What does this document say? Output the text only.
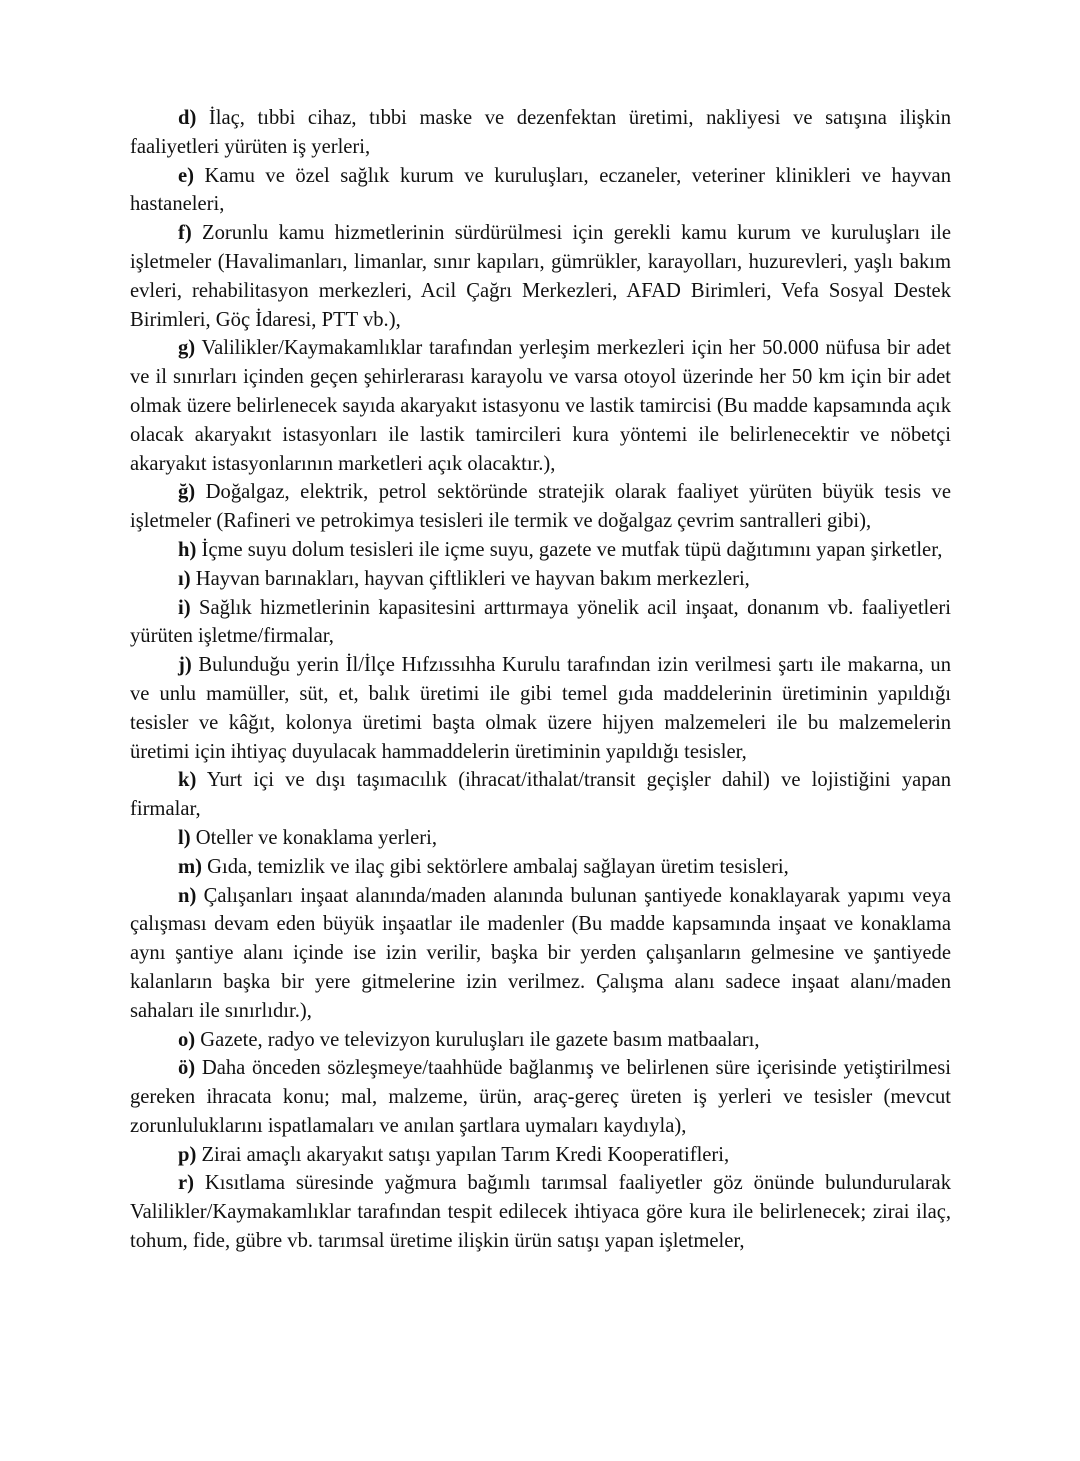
d) İlaç, tıbbi cihaz, tıbbi maske ve dezenfektan üretimi, nakliyesi ve satışına ilişkin faaliyetleri yürüten iş yerleri,

e) Kamu ve özel sağlık kurum ve kuruluşları, eczaneler, veteriner klinikleri ve hayvan hastaneleri,

f) Zorunlu kamu hizmetlerinin sürdürülmesi için gerekli kamu kurum ve kuruluşları ile işletmeler (Havalimanları, limanlar, sınır kapıları, gümrükler, karayolları, huzurevleri, yaşlı bakım evleri, rehabilitasyon merkezleri, Acil Çağrı Merkezleri, AFAD Birimleri, Vefa Sosyal Destek Birimleri, Göç İdaresi, PTT vb.),

g) Valilikler/Kaymakamlıklar tarafından yerleşim merkezleri için her 50.000 nüfusa bir adet ve il sınırları içinden geçen şehirlerarası karayolu ve varsa otoyol üzerinde her 50 km için bir adet olmak üzere belirlenecek sayıda akaryakıt istasyonu ve lastik tamircisi (Bu madde kapsamında açık olacak akaryakıt istasyonları ile lastik tamircileri kura yöntemi ile belirlenecektir ve nöbetçi akaryakıt istasyonlarının marketleri açık olacaktır.),

ğ) Doğalgaz, elektrik, petrol sektöründe stratejik olarak faaliyet yürüten büyük tesis ve işletmeler (Rafineri ve petrokimya tesisleri ile termik ve doğalgaz çevrim santralleri gibi),

h) İçme suyu dolum tesisleri ile içme suyu, gazete ve mutfak tüpü dağıtımını yapan şirketler,

ı) Hayvan barınakları, hayvan çiftlikleri ve hayvan bakım merkezleri,

i) Sağlık hizmetlerinin kapasitesini arttırmaya yönelik acil inşaat, donanım vb. faaliyetleri yürüten işletme/firmalar,

j) Bulunduğu yerin İl/İlçe Hıfzıssıhha Kurulu tarafından izin verilmesi şartı ile makarna, un ve unlu mamüller, süt, et, balık üretimi ile gibi temel gıda maddelerinin üretiminin yapıldığı tesisler ve kâğıt, kolonya üretimi başta olmak üzere hijyen malzemeleri ile bu malzemelerin üretimi için ihtiyaç duyulacak hammaddelerin üretiminin yapıldığı tesisler,

k) Yurt içi ve dışı taşımacılık (ihracat/ithalat/transit geçişler dahil) ve lojistiğini yapan firmalar,

l) Oteller ve konaklama yerleri,

m) Gıda, temizlik ve ilaç gibi sektörlere ambalaj sağlayan üretim tesisleri,

n) Çalışanları inşaat alanında/maden alanında bulunan şantiyede konaklayarak yapımı veya çalışması devam eden büyük inşaatlar ile madenler (Bu madde kapsamında inşaat ve konaklama aynı şantiye alanı içinde ise izin verilir, başka bir yerden çalışanların gelmesine ve şantiyede kalanların başka bir yere gitmelerine izin verilmez. Çalışma alanı sadece inşaat alanı/maden sahaları ile sınırlıdır.),

o) Gazete, radyo ve televizyon kuruluşları ile gazete basım matbaaları,

ö) Daha önceden sözleşmeye/taahhüde bağlanmış ve belirlenen süre içerisinde yetiştirilmesi gereken ihracata konu; mal, malzeme, ürün, araç-gereç üreten iş yerleri ve tesisler (mevcut zorunluluklarını ispatlamaları ve anılan şartlara uymaları kaydıyla),

p) Zirai amaçlı akaryakıt satışı yapılan Tarım Kredi Kooperatifleri,

r) Kısıtlama süresinde yağmura bağımlı tarımsal faaliyetler göz önünde bulundurularak Valilikler/Kaymakamlıklar tarafından tespit edilecek ihtiyaca göre kura ile belirlenecek; zirai ilaç, tohum, fide, gübre vb. tarımsal üretime ilişkin ürün satışı yapan işletmeler,
